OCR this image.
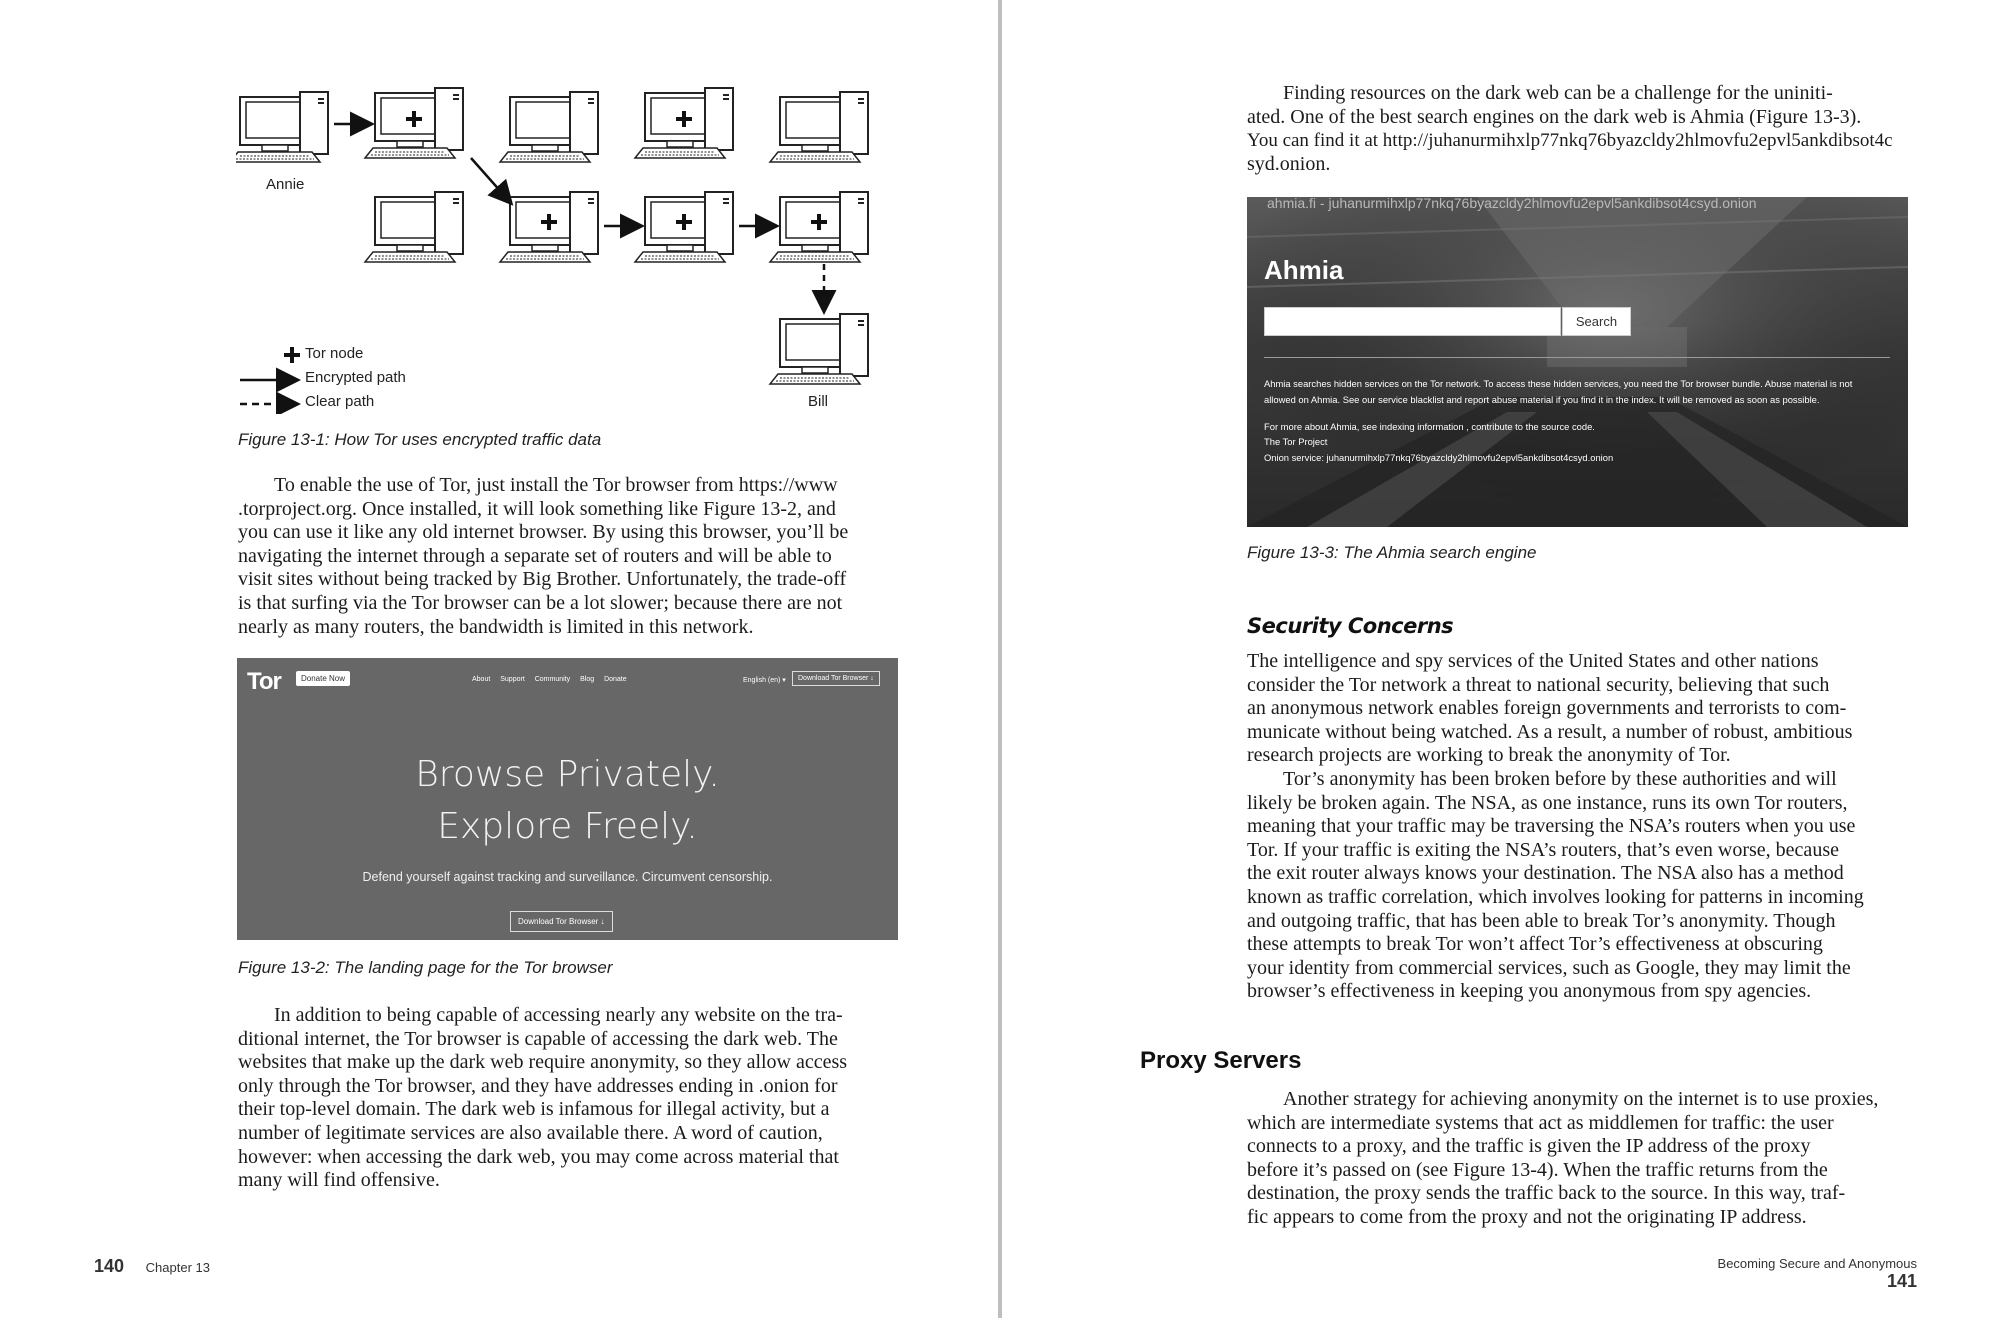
Annie
Bill
Tor node
Encrypted path
Clear path
Figure 13-1: How Tor uses encrypted traffic data
To enable the use of Tor, just install the Tor browser from https://www
.torproject.org. Once installed, it will look something like Figure 13-2, and
you can use it like any old internet browser. By using this browser, you’ll be
navigating the internet through a separate set of routers and will be able to
visit sites without being tracked by Big Brother. Unfortunately, the trade-off
is that surfing via the Tor browser can be a lot slower; because there are not
nearly as many routers, the bandwidth is limited in this network.
Tor	Donate Now	About Support Community Blog Donate	English (en) ▾	Download Tor Browser ↓
Browse Privately.
Explore Freely.
Defend yourself against tracking and surveillance. Circumvent censorship.
Download Tor Browser ↓
Figure 13-2: The landing page for the Tor browser
In addition to being capable of accessing nearly any website on the tra-
ditional internet, the Tor browser is capable of accessing the dark web. The
websites that make up the dark web require anonymity, so they allow access
only through the Tor browser, and they have addresses ending in .onion for
their top-level domain. The dark web is infamous for illegal activity, but a
number of legitimate services are also available there. A word of caution,
however: when accessing the dark web, you may come across material that
many will find offensive.
140 Chapter 13
Finding resources on the dark web can be a challenge for the uniniti-
ated. One of the best search engines on the dark web is Ahmia (Figure 13-3).
You can find it at http://juhanurmihxlp77nkq76byazcldy2hlmovfu2epvl5ankdibsot4c
syd.onion.
ahmia.fi - juhanurmihxlp77nkq76byazcldy2hlmovfu2epvl5ankdibsot4csyd.onion
Ahmia
Search
Ahmia searches hidden services on the Tor network. To access these hidden services, you need the Tor browser bundle. Abuse material is not
allowed on Ahmia. See our service blacklist and report abuse material if you find it in the index. It will be removed as soon as possible.
For more about Ahmia, see indexing information , contribute to the source code.
The Tor Project
Onion service: juhanurmihxlp77nkq76byazcldy2hlmovfu2epvl5ankdibsot4csyd.onion
Figure 13-3: The Ahmia search engine
Security Concerns
The intelligence and spy services of the United States and other nations
consider the Tor network a threat to national security, believing that such
an anonymous network enables foreign governments and terrorists to com-
municate without being watched. As a result, a number of robust, ambitious
research projects are working to break the anonymity of Tor.
Tor’s anonymity has been broken before by these authorities and will
likely be broken again. The NSA, as one instance, runs its own Tor routers,
meaning that your traffic may be traversing the NSA’s routers when you use
Tor. If your traffic is exiting the NSA’s routers, that’s even worse, because
the exit router always knows your destination. The NSA also has a method
known as traffic correlation, which involves looking for patterns in incoming
and outgoing traffic, that has been able to break Tor’s anonymity. Though
these attempts to break Tor won’t affect Tor’s effectiveness at obscuring
your identity from commercial services, such as Google, they may limit the
browser’s effectiveness in keeping you anonymous from spy agencies.
Proxy Servers
Another strategy for achieving anonymity on the internet is to use proxies,
which are intermediate systems that act as middlemen for traffic: the user
connects to a proxy, and the traffic is given the IP address of the proxy
before it’s passed on (see Figure 13-4). When the traffic returns from the
destination, the proxy sends the traffic back to the source. In this way, traf-
fic appears to come from the proxy and not the originating IP address.
Becoming Secure and Anonymous 141
